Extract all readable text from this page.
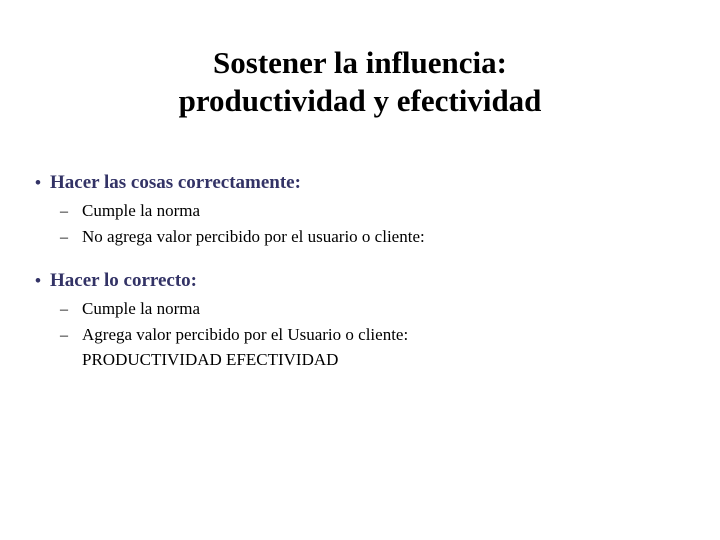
Sostener la influencia:
productividad y efectividad
• Hacer las cosas correctamente:
– Cumple la norma
– No agrega valor percibido por el usuario o cliente:
• Hacer lo correcto:
– Cumple la norma
– Agrega valor percibido por el Usuario o cliente:
PRODUCTIVIDAD EFECTIVIDAD
